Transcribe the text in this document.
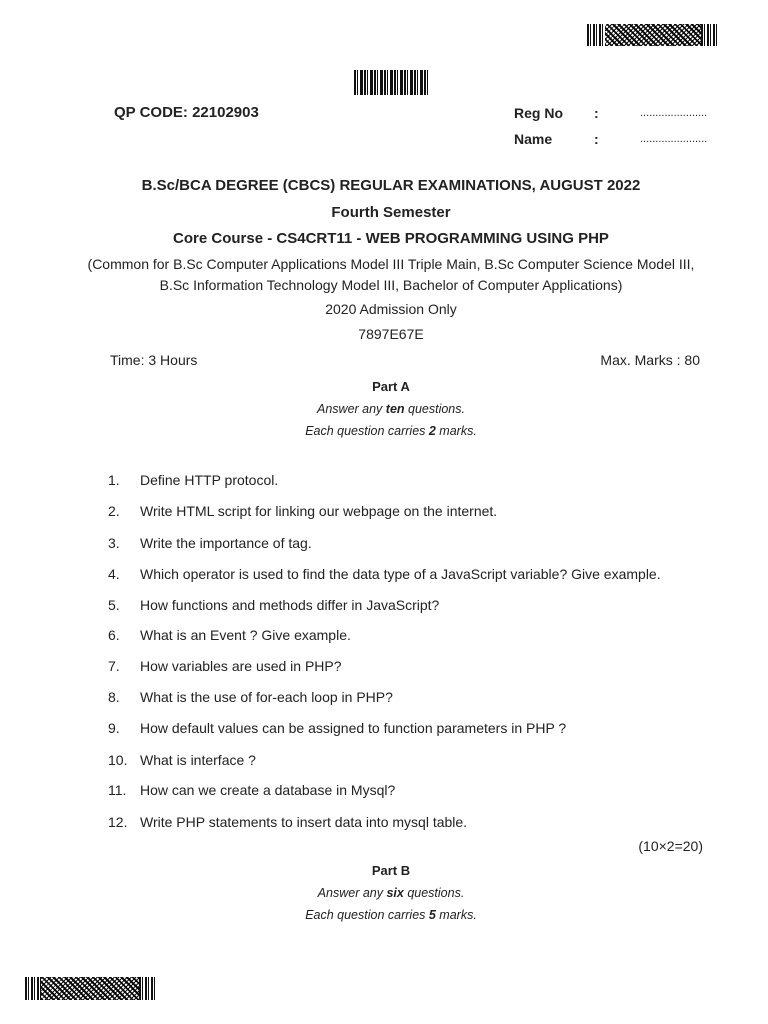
QP CODE: 22102903	Reg No :	......................
Name	:	......................
B.Sc/BCA DEGREE (CBCS) REGULAR EXAMINATIONS, AUGUST 2022
Fourth Semester
Core Course - CS4CRT11 - WEB PROGRAMMING USING PHP
(Common for B.Sc Computer Applications Model III Triple Main, B.Sc Computer Science Model III,
B.Sc Information Technology Model III, Bachelor of Computer Applications)
2020 Admission Only
7897E67E
Time: 3 Hours	Max. Marks : 80
Part A
Answer any ten questions.
Each question carries 2 marks.
1. Define HTTP protocol.
2. Write HTML script for linking our webpage on the internet.
3. Write the importance of tag.
4. Which operator is used to find the data type of a JavaScript variable? Give example.
5. How functions and methods differ in JavaScript?
6. What is an Event ? Give example.
7. How variables are used in PHP?
8. What is the use of for-each loop in PHP?
9. How default values can be assigned to function parameters in PHP ?
10. What is interface ?
11. How can we create a database in Mysql?
12. Write PHP statements to insert data into mysql table.
(10×2=20)
Part B
Answer any six questions.
Each question carries 5 marks.
